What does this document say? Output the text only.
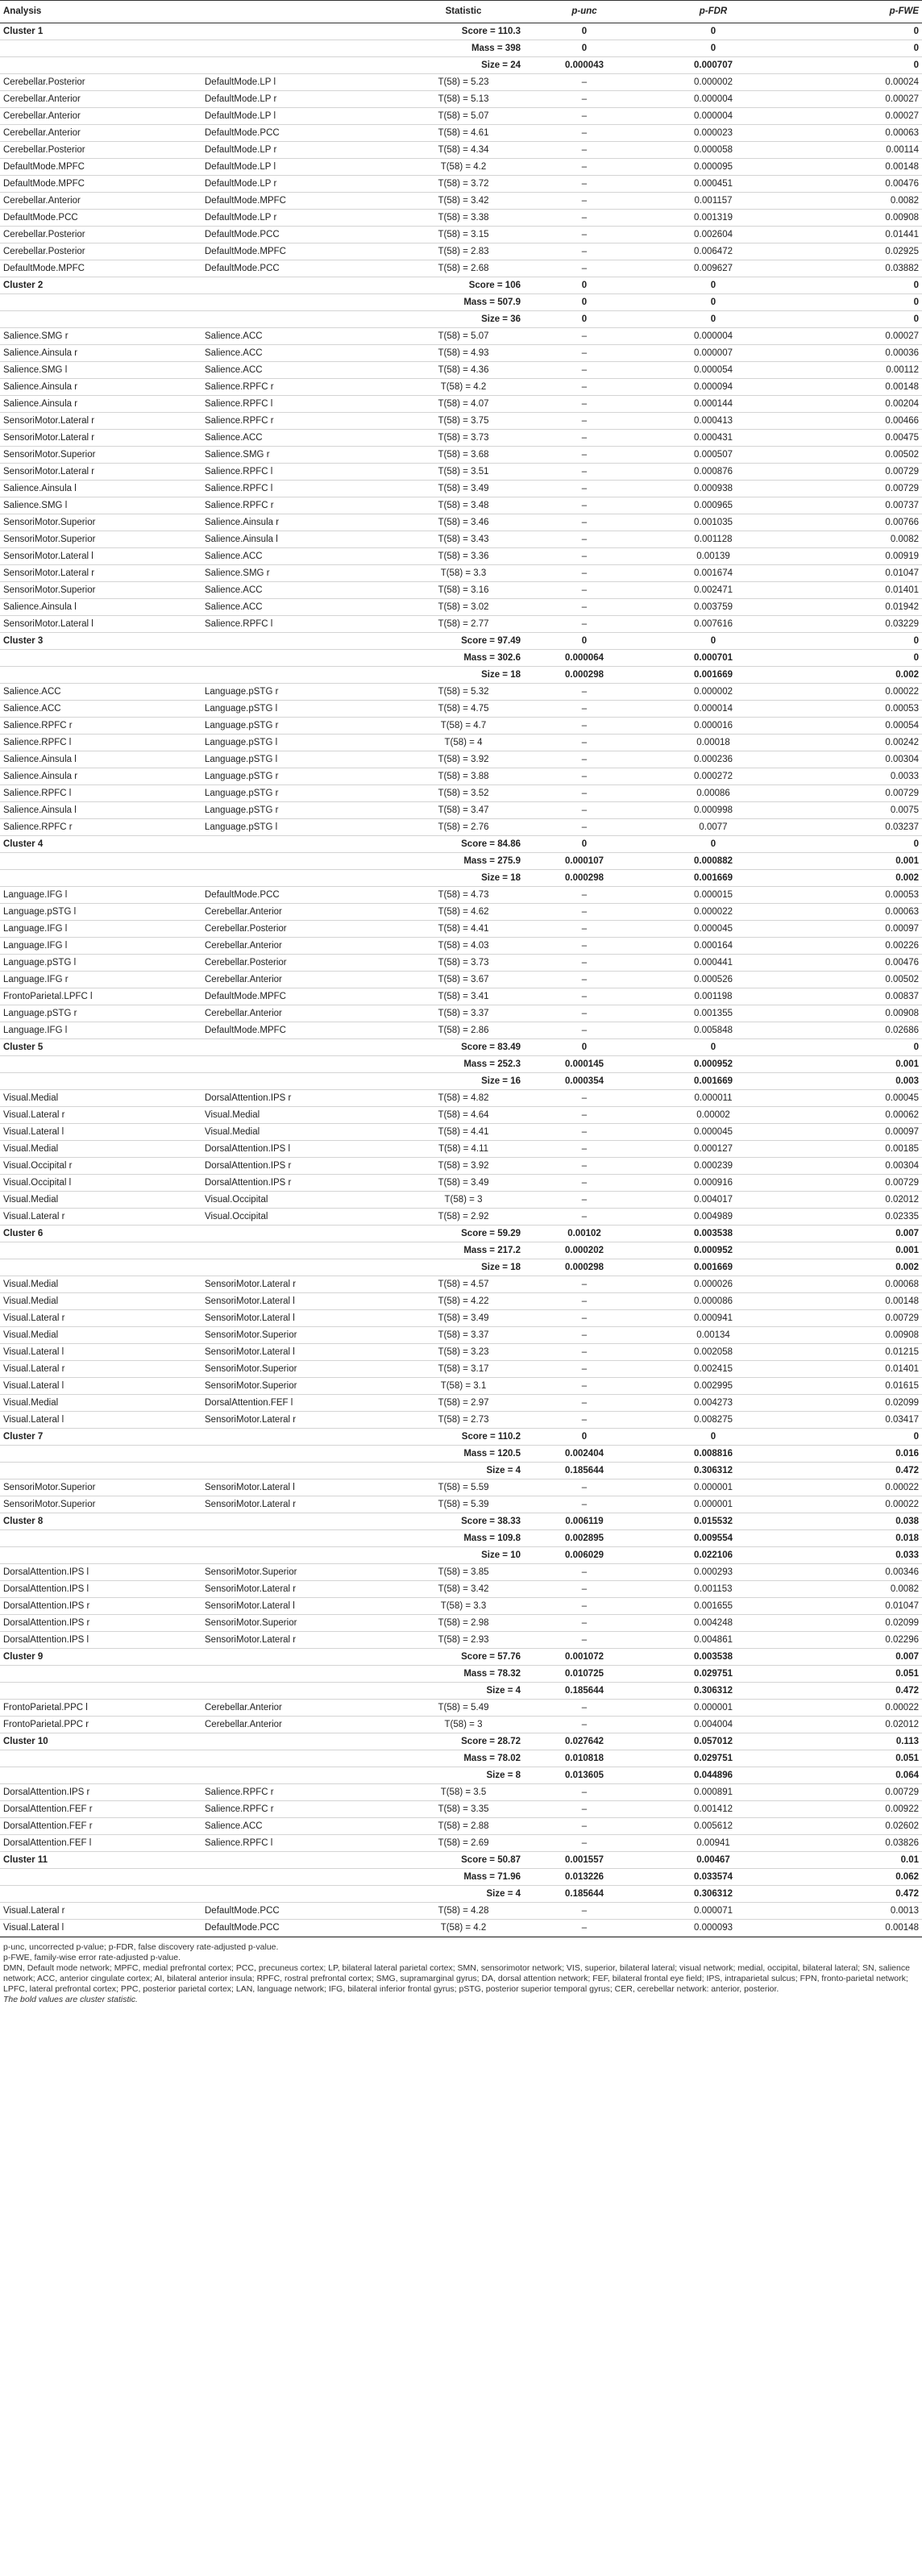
Analysis		Statistic	p-unc	p-FDR	p-FWE
Cluster 1		Score = 110.3	0	0	0
		Mass = 398	0	0	0
		Size = 24	0.000043	0.000707	0
Cerebellar.Posterior	DefaultMode.LP l	T(58) = 5.23	–	0.000002	0.00024
Cerebellar.Anterior	DefaultMode.LP r	T(58) = 5.13	–	0.000004	0.00027
Cerebellar.Anterior	DefaultMode.LP l	T(58) = 5.07	–	0.000004	0.00027
Cerebellar.Anterior	DefaultMode.PCC	T(58) = 4.61	–	0.000023	0.00063
Cerebellar.Posterior	DefaultMode.LP r	T(58) = 4.34	–	0.000058	0.00114
DefaultMode.MPFC	DefaultMode.LP l	T(58) = 4.2	–	0.000095	0.00148
DefaultMode.MPFC	DefaultMode.LP r	T(58) = 3.72	–	0.000451	0.00476
Cerebellar.Anterior	DefaultMode.MPFC	T(58) = 3.42	–	0.001157	0.0082
DefaultMode.PCC	DefaultMode.LP r	T(58) = 3.38	–	0.001319	0.00908
Cerebellar.Posterior	DefaultMode.PCC	T(58) = 3.15	–	0.002604	0.01441
Cerebellar.Posterior	DefaultMode.MPFC	T(58) = 2.83	–	0.006472	0.02925
DefaultMode.MPFC	DefaultMode.PCC	T(58) = 2.68	–	0.009627	0.03882
Cluster 2		Score = 106	0	0	0
		Mass = 507.9	0	0	0
		Size = 36	0	0	0
Salience.SMG r	Salience.ACC	T(58) = 5.07	–	0.000004	0.00027
Salience.Ainsula r	Salience.ACC	T(58) = 4.93	–	0.000007	0.00036
Salience.SMG l	Salience.ACC	T(58) = 4.36	–	0.000054	0.00112
Salience.Ainsula r	Salience.RPFC r	T(58) = 4.2	–	0.000094	0.00148
Salience.Ainsula r	Salience.RPFC l	T(58) = 4.07	–	0.000144	0.00204
SensoriMotor.Lateral r	Salience.RPFC r	T(58) = 3.75	–	0.000413	0.00466
SensoriMotor.Lateral r	Salience.ACC	T(58) = 3.73	–	0.000431	0.00475
SensoriMotor.Superior	Salience.SMG r	T(58) = 3.68	–	0.000507	0.00502
SensoriMotor.Lateral r	Salience.RPFC l	T(58) = 3.51	–	0.000876	0.00729
Salience.Ainsula l	Salience.RPFC l	T(58) = 3.49	–	0.000938	0.00729
Salience.SMG l	Salience.RPFC r	T(58) = 3.48	–	0.000965	0.00737
SensoriMotor.Superior	Salience.Ainsula r	T(58) = 3.46	–	0.001035	0.00766
SensoriMotor.Superior	Salience.Ainsula l	T(58) = 3.43	–	0.001128	0.0082
SensoriMotor.Lateral l	Salience.ACC	T(58) = 3.36	–	0.00139	0.00919
SensoriMotor.Lateral r	Salience.SMG r	T(58) = 3.3	–	0.001674	0.01047
SensoriMotor.Superior	Salience.ACC	T(58) = 3.16	–	0.002471	0.01401
Salience.Ainsula l	Salience.ACC	T(58) = 3.02	–	0.003759	0.01942
SensoriMotor.Lateral l	Salience.RPFC l	T(58) = 2.77	–	0.007616	0.03229
Cluster 3		Score = 97.49	0	0	0
		Mass = 302.6	0.000064	0.000701	0
		Size = 18	0.000298	0.001669	0.002
Salience.ACC	Language.pSTG r	T(58) = 5.32	–	0.000002	0.00022
Salience.ACC	Language.pSTG l	T(58) = 4.75	–	0.000014	0.00053
Salience.RPFC r	Language.pSTG r	T(58) = 4.7	–	0.000016	0.00054
Salience.RPFC l	Language.pSTG l	T(58) = 4	–	0.00018	0.00242
Salience.Ainsula l	Language.pSTG l	T(58) = 3.92	–	0.000236	0.00304
Salience.Ainsula r	Language.pSTG r	T(58) = 3.88	–	0.000272	0.0033
Salience.RPFC l	Language.pSTG r	T(58) = 3.52	–	0.00086	0.00729
Salience.Ainsula l	Language.pSTG r	T(58) = 3.47	–	0.000998	0.0075
Salience.RPFC r	Language.pSTG l	T(58) = 2.76	–	0.0077	0.03237
Cluster 4		Score = 84.86	0	0	0
		Mass = 275.9	0.000107	0.000882	0.001
		Size = 18	0.000298	0.001669	0.002
Language.IFG l	DefaultMode.PCC	T(58) = 4.73	–	0.000015	0.00053
Language.pSTG l	Cerebellar.Anterior	T(58) = 4.62	–	0.000022	0.00063
Language.IFG l	Cerebellar.Posterior	T(58) = 4.41	–	0.000045	0.00097
Language.IFG l	Cerebellar.Anterior	T(58) = 4.03	–	0.000164	0.00226
Language.pSTG l	Cerebellar.Posterior	T(58) = 3.73	–	0.000441	0.00476
Language.IFG r	Cerebellar.Anterior	T(58) = 3.67	–	0.000526	0.00502
FrontoParietal.LPFC l	DefaultMode.MPFC	T(58) = 3.41	–	0.001198	0.00837
Language.pSTG r	Cerebellar.Anterior	T(58) = 3.37	–	0.001355	0.00908
Language.IFG l	DefaultMode.MPFC	T(58) = 2.86	–	0.005848	0.02686
Cluster 5		Score = 83.49	0	0	0
		Mass = 252.3	0.000145	0.000952	0.001
		Size = 16	0.000354	0.001669	0.003
Visual.Medial	DorsalAttention.IPS r	T(58) = 4.82	–	0.000011	0.00045
Visual.Lateral r	Visual.Medial	T(58) = 4.64	–	0.00002	0.00062
Visual.Lateral l	Visual.Medial	T(58) = 4.41	–	0.000045	0.00097
Visual.Medial	DorsalAttention.IPS l	T(58) = 4.11	–	0.000127	0.00185
Visual.Occipital r	DorsalAttention.IPS r	T(58) = 3.92	–	0.000239	0.00304
Visual.Occipital l	DorsalAttention.IPS r	T(58) = 3.49	–	0.000916	0.00729
Visual.Medial	Visual.Occipital	T(58) = 3	–	0.004017	0.02012
Visual.Lateral r	Visual.Occipital	T(58) = 2.92	–	0.004989	0.02335
Cluster 6		Score = 59.29	0.00102	0.003538	0.007
		Mass = 217.2	0.000202	0.000952	0.001
		Size = 18	0.000298	0.001669	0.002
Visual.Medial	SensoriMotor.Lateral r	T(58) = 4.57	–	0.000026	0.00068
Visual.Medial	SensoriMotor.Lateral l	T(58) = 4.22	–	0.000086	0.00148
Visual.Lateral r	SensoriMotor.Lateral l	T(58) = 3.49	–	0.000941	0.00729
Visual.Medial	SensoriMotor.Superior	T(58) = 3.37	–	0.00134	0.00908
Visual.Lateral l	SensoriMotor.Lateral l	T(58) = 3.23	–	0.002058	0.01215
Visual.Lateral r	SensoriMotor.Superior	T(58) = 3.17	–	0.002415	0.01401
Visual.Lateral l	SensoriMotor.Superior	T(58) = 3.1	–	0.002995	0.01615
Visual.Medial	DorsalAttention.FEF l	T(58) = 2.97	–	0.004273	0.02099
Visual.Lateral l	SensoriMotor.Lateral r	T(58) = 2.73	–	0.008275	0.03417
Cluster 7		Score = 110.2	0	0	0
		Mass = 120.5	0.002404	0.008816	0.016
		Size = 4	0.185644	0.306312	0.472
SensoriMotor.Superior	SensoriMotor.Lateral l	T(58) = 5.59	–	0.000001	0.00022
SensoriMotor.Superior	SensoriMotor.Lateral r	T(58) = 5.39	–	0.000001	0.00022
Cluster 8		Score = 38.33	0.006119	0.015532	0.038
		Mass = 109.8	0.002895	0.009554	0.018
		Size = 10	0.006029	0.022106	0.033
DorsalAttention.IPS l	SensoriMotor.Superior	T(58) = 3.85	–	0.000293	0.00346
DorsalAttention.IPS l	SensoriMotor.Lateral r	T(58) = 3.42	–	0.001153	0.0082
DorsalAttention.IPS r	SensoriMotor.Lateral l	T(58) = 3.3	–	0.001655	0.01047
DorsalAttention.IPS r	SensoriMotor.Superior	T(58) = 2.98	–	0.004248	0.02099
DorsalAttention.IPS l	SensoriMotor.Lateral r	T(58) = 2.93	–	0.004861	0.02296
Cluster 9		Score = 57.76	0.001072	0.003538	0.007
		Mass = 78.32	0.010725	0.029751	0.051
		Size = 4	0.185644	0.306312	0.472
FrontoParietal.PPC l	Cerebellar.Anterior	T(58) = 5.49	–	0.000001	0.00022
FrontoParietal.PPC r	Cerebellar.Anterior	T(58) = 3	–	0.004004	0.02012
Cluster 10		Score = 28.72	0.027642	0.057012	0.113
		Mass = 78.02	0.010818	0.029751	0.051
		Size = 8	0.013605	0.044896	0.064
DorsalAttention.IPS r	Salience.RPFC r	T(58) = 3.5	–	0.000891	0.00729
DorsalAttention.FEF r	Salience.RPFC r	T(58) = 3.35	–	0.001412	0.00922
DorsalAttention.FEF r	Salience.ACC	T(58) = 2.88	–	0.005612	0.02602
DorsalAttention.FEF l	Salience.RPFC l	T(58) = 2.69	–	0.00941	0.03826
Cluster 11		Score = 50.87	0.001557	0.00467	0.01
		Mass = 71.96	0.013226	0.033574	0.062
		Size = 4	0.185644	0.306312	0.472
Visual.Lateral r	DefaultMode.PCC	T(58) = 4.28	–	0.000071	0.0013
Visual.Lateral l	DefaultMode.PCC	T(58) = 4.2	–	0.000093	0.00148

p-unc, uncorrected p-value; p-FDR, false discovery rate-adjusted p-value.

p-FWE, family-wise error rate-adjusted p-value.

DMN, Default mode network; MPFC, medial prefrontal cortex; PCC, precuneus cortex; LP, bilateral lateral parietal cortex; SMN, sensorimotor network; VIS, superior, bilateral lateral; visual network; medial, occipital, bilateral lateral; SN, salience network; ACC, anterior cingulate cortex; AI, bilateral anterior insula; RPFC, rostral prefrontal cortex; SMG, supramarginal gyrus; DA, dorsal attention network; FEF, bilateral frontal eye field; IPS, intraparietal sulcus; FPN, fronto-parietal network; LPFC, lateral prefrontal cortex; PPC, posterior parietal cortex; LAN, language network; IFG, bilateral inferior frontal gyrus; pSTG, posterior superior temporal gyrus; CER, cerebellar network: anterior, posterior.

The bold values are cluster statistic.
